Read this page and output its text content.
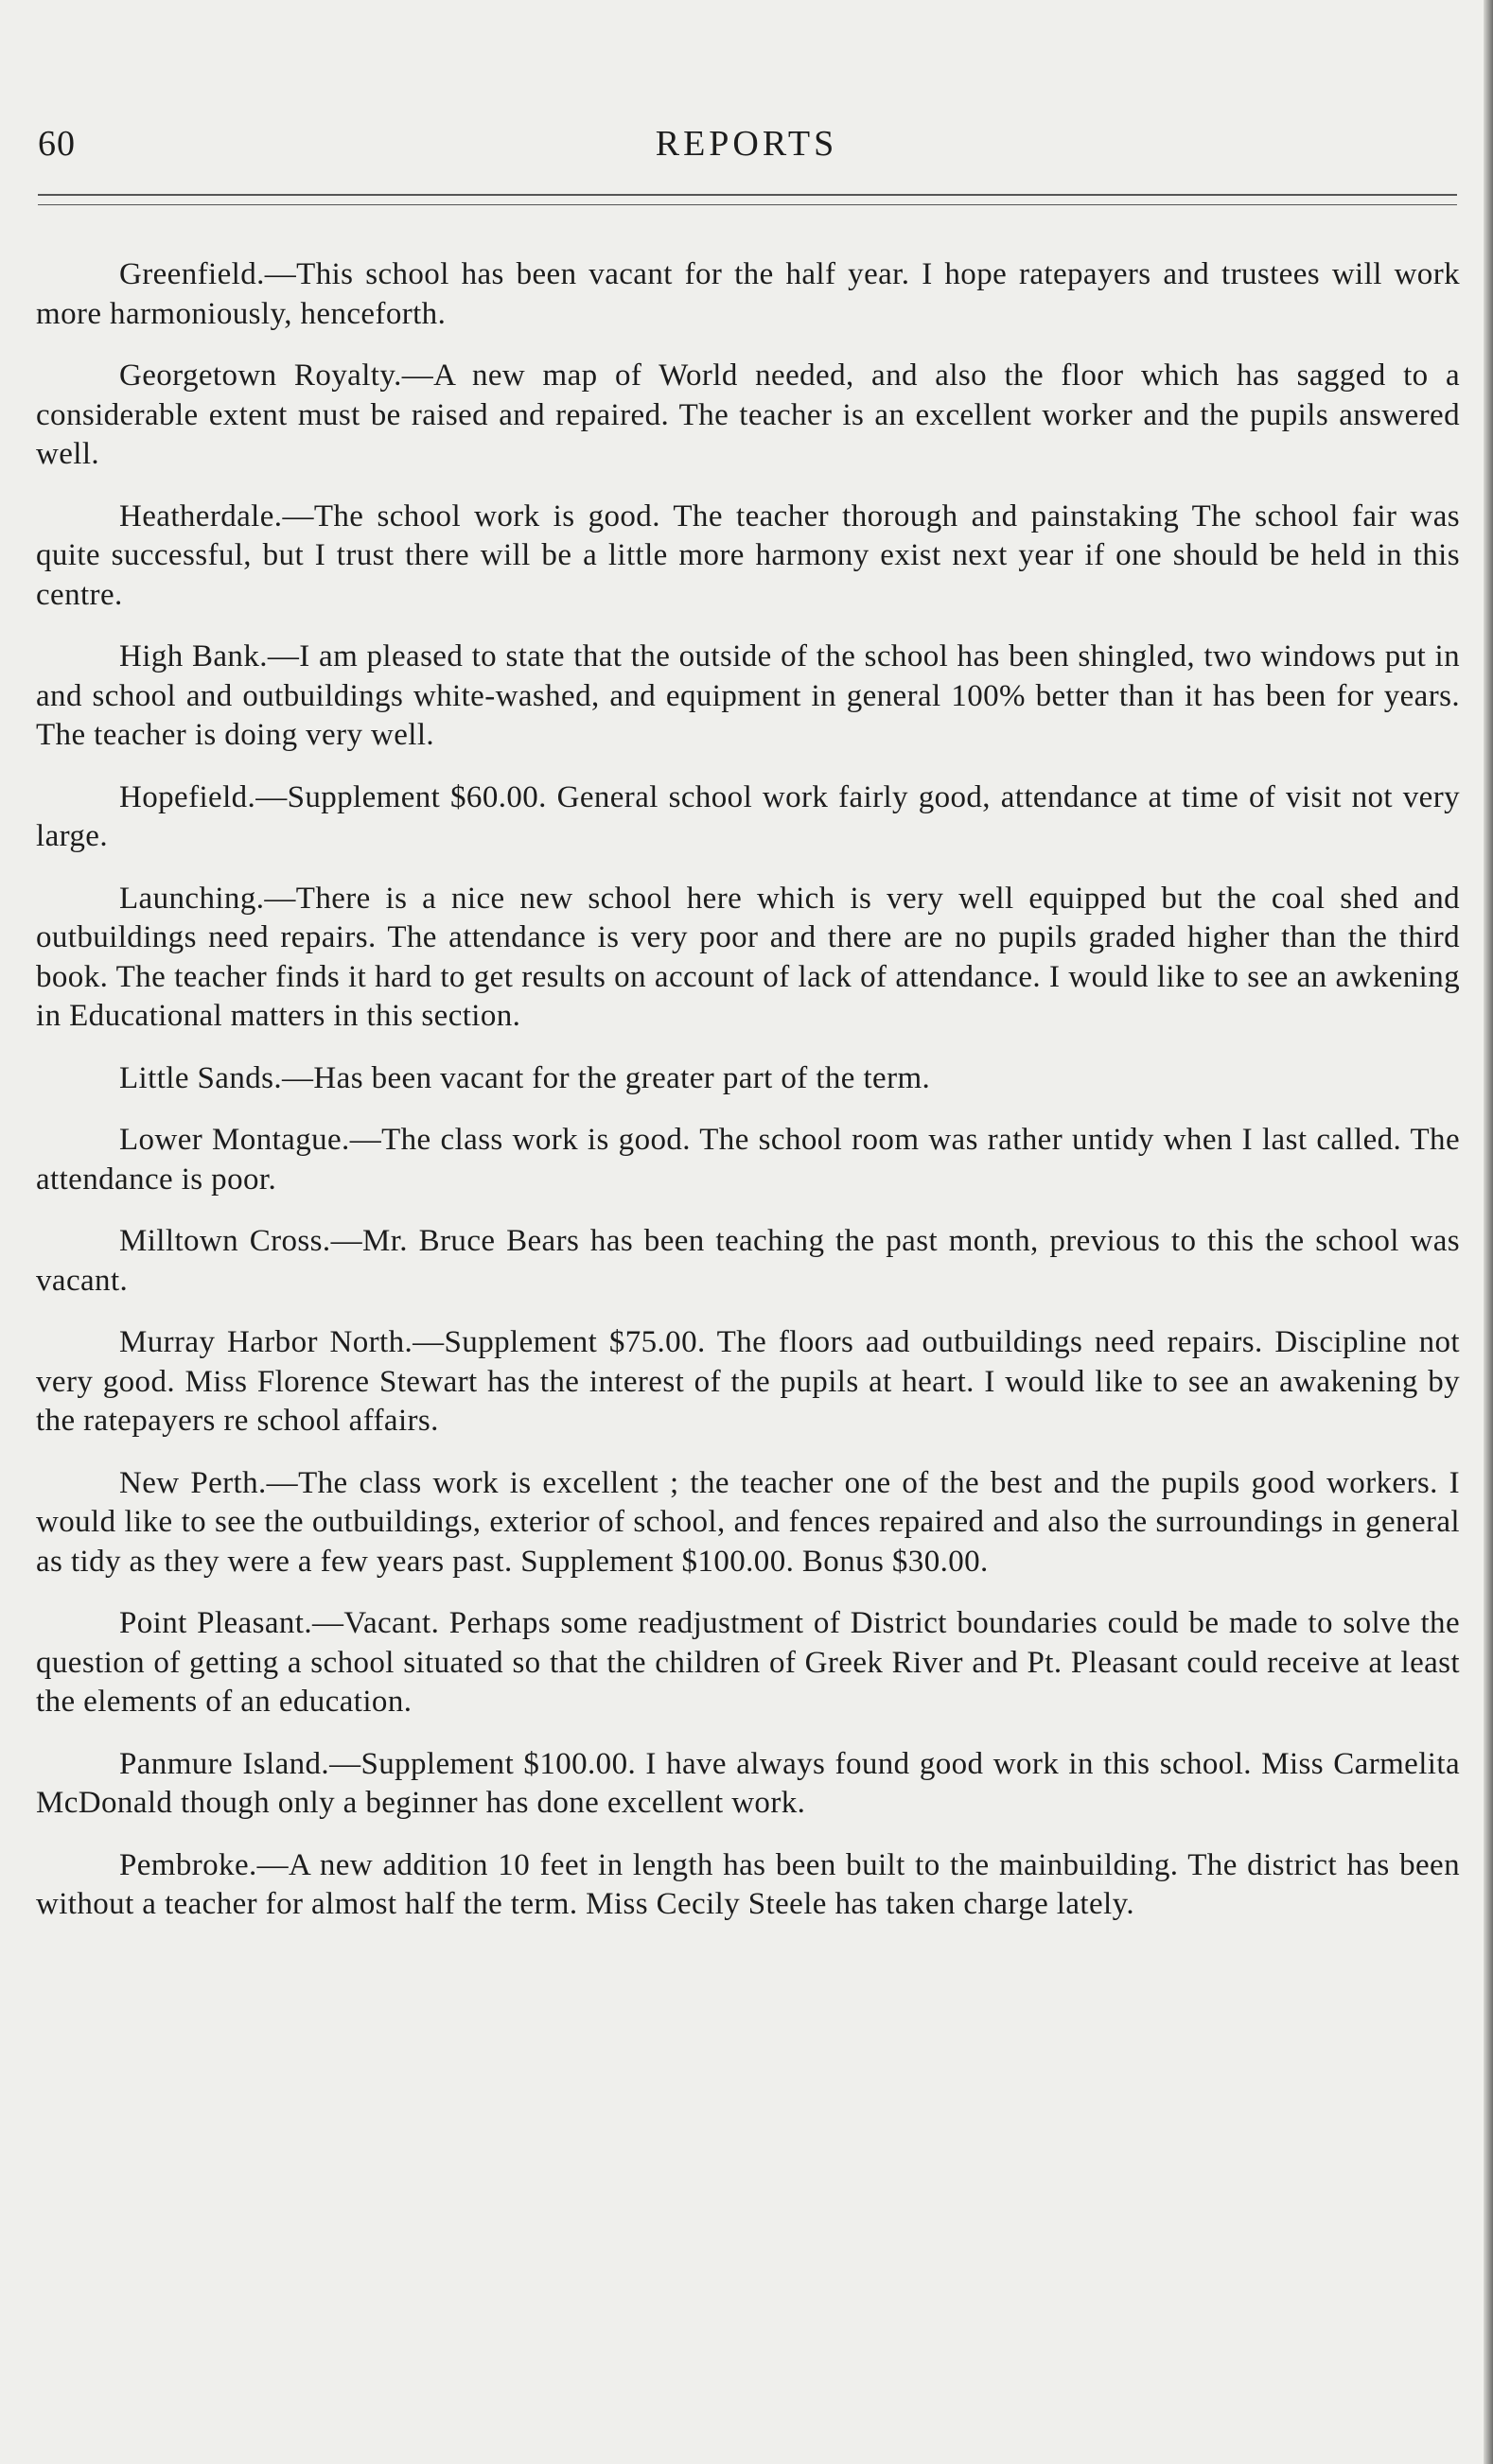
60	REPORTS

Greenfield.—This school has been vacant for the half year. I hope ratepayers and trustees will work more harmoniously, henceforth.

Georgetown Royalty.—A new map of World needed, and also the floor which has sagged to a considerable extent must be raised and repaired. The teacher is an excellent worker and the pupils answered well.

Heatherdale.—The school work is good. The teacher thorough and painstaking The school fair was quite successful, but I trust there will be a little more harmony exist next year if one should be held in this centre.

High Bank.—I am pleased to state that the outside of the school has been shingled, two windows put in and school and outbuildings white-washed, and equipment in general 100% better than it has been for years. The teacher is doing very well.

Hopefield.—Supplement $60.00. General school work fairly good, attendance at time of visit not very large.

Launching.—There is a nice new school here which is very well equipped but the coal shed and outbuildings need repairs. The attendance is very poor and there are no pupils graded higher than the third book. The teacher finds it hard to get results on account of lack of attendance. I would like to see an awkening in Educational matters in this section.

Little Sands.—Has been vacant for the greater part of the term.

Lower Montague.—The class work is good. The school room was rather untidy when I last called. The attendance is poor.

Milltown Cross.—Mr. Bruce Bears has been teaching the past month, previous to this the school was vacant.

Murray Harbor North.—Supplement $75.00. The floors aad outbuildings need repairs. Discipline not very good. Miss Florence Stewart has the interest of the pupils at heart. I would like to see an awakening by the ratepayers re school affairs.

New Perth.—The class work is excellent ; the teacher one of the best and the pupils good workers. I would like to see the outbuildings, exterior of school, and fences repaired and also the surroundings in general as tidy as they were a few years past. Supplement $100.00. Bonus $30.00.

Point Pleasant.—Vacant. Perhaps some readjustment of District boundaries could be made to solve the question of getting a school situated so that the children of Greek River and Pt. Pleasant could receive at least the elements of an education.

Panmure Island.—Supplement $100.00. I have always found good work in this school. Miss Carmelita McDonald though only a beginner has done excellent work.

Pembroke.—A new addition 10 feet in length has been built to the mainbuilding. The district has been without a teacher for almost half the term. Miss Cecily Steele has taken charge lately.
